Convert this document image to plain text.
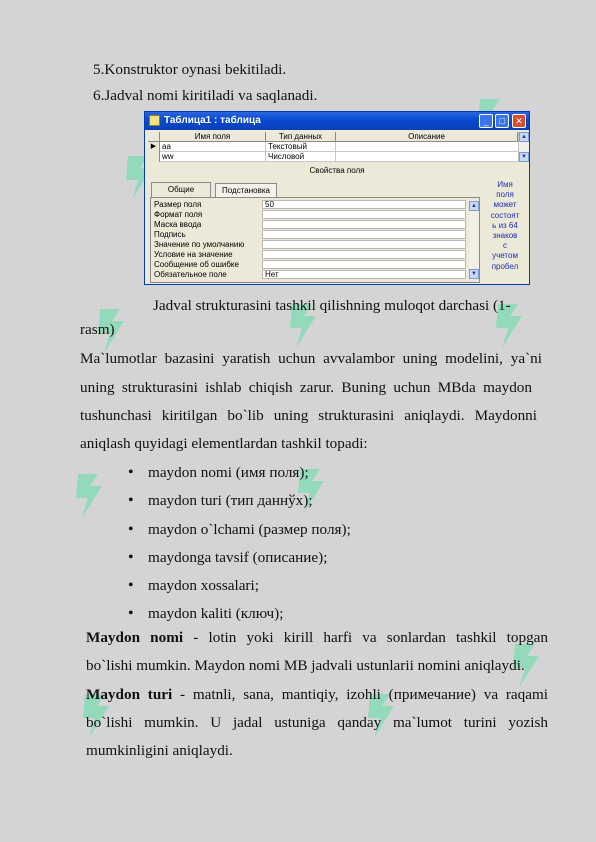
5.Konstruktor oynasi bekitiladi.
6.Jadval nomi kiritiladi va saqlanadi.
Таблица1 : таблица	_	□	✕
Имя поля	Тип данных	Описание
▶ aa	Текстовый
ww	Числовой
▲
▼
Свойства поля
Общие	Подстановка
Размер поля	50
Формат поля
Маска ввода
Подпись
Значение по умолчанию
Условие на значение
Сообщение об ошибке
Обязательное поле	Нет
▲
▼
Имя
поля
может
состоят
ь из 64
знаков
с
учетом
пробел
Jadval strukturasini tashkil qilishning muloqot darchasi (1-
rasm)
Ma`lumotlar bazasini yaratish uchun avvalambor uning modelini, ya`ni
uning strukturasini ishlab chiqish zarur. Buning uchun MBda maydon
tushunchasi kiritilgan bo`lib uning strukturasini aniqlaydi. Maydonni
aniqlash quyidagi elementlardan tashkil topadi:
• maydon nomi (имя поля);
• maydon turi (тип даннўх);
• maydon o`lchami (размер поля);
• maydonga tavsif (описание);
• maydon xossalari;
• maydon kaliti (ключ);
Maydon nomi - lotin yoki kirill harfi va sonlardan tashkil topgan
bo`lishi mumkin. Maydon nomi MB jadvali ustunlarii nomini aniqlaydi.
Maydon turi - matnli, sana, mantiqiy, izohli (примечание) va raqami
bo`lishi mumkin. U jadal ustuniga qanday ma`lumot turini yozish
mumkinligini aniqlaydi.
